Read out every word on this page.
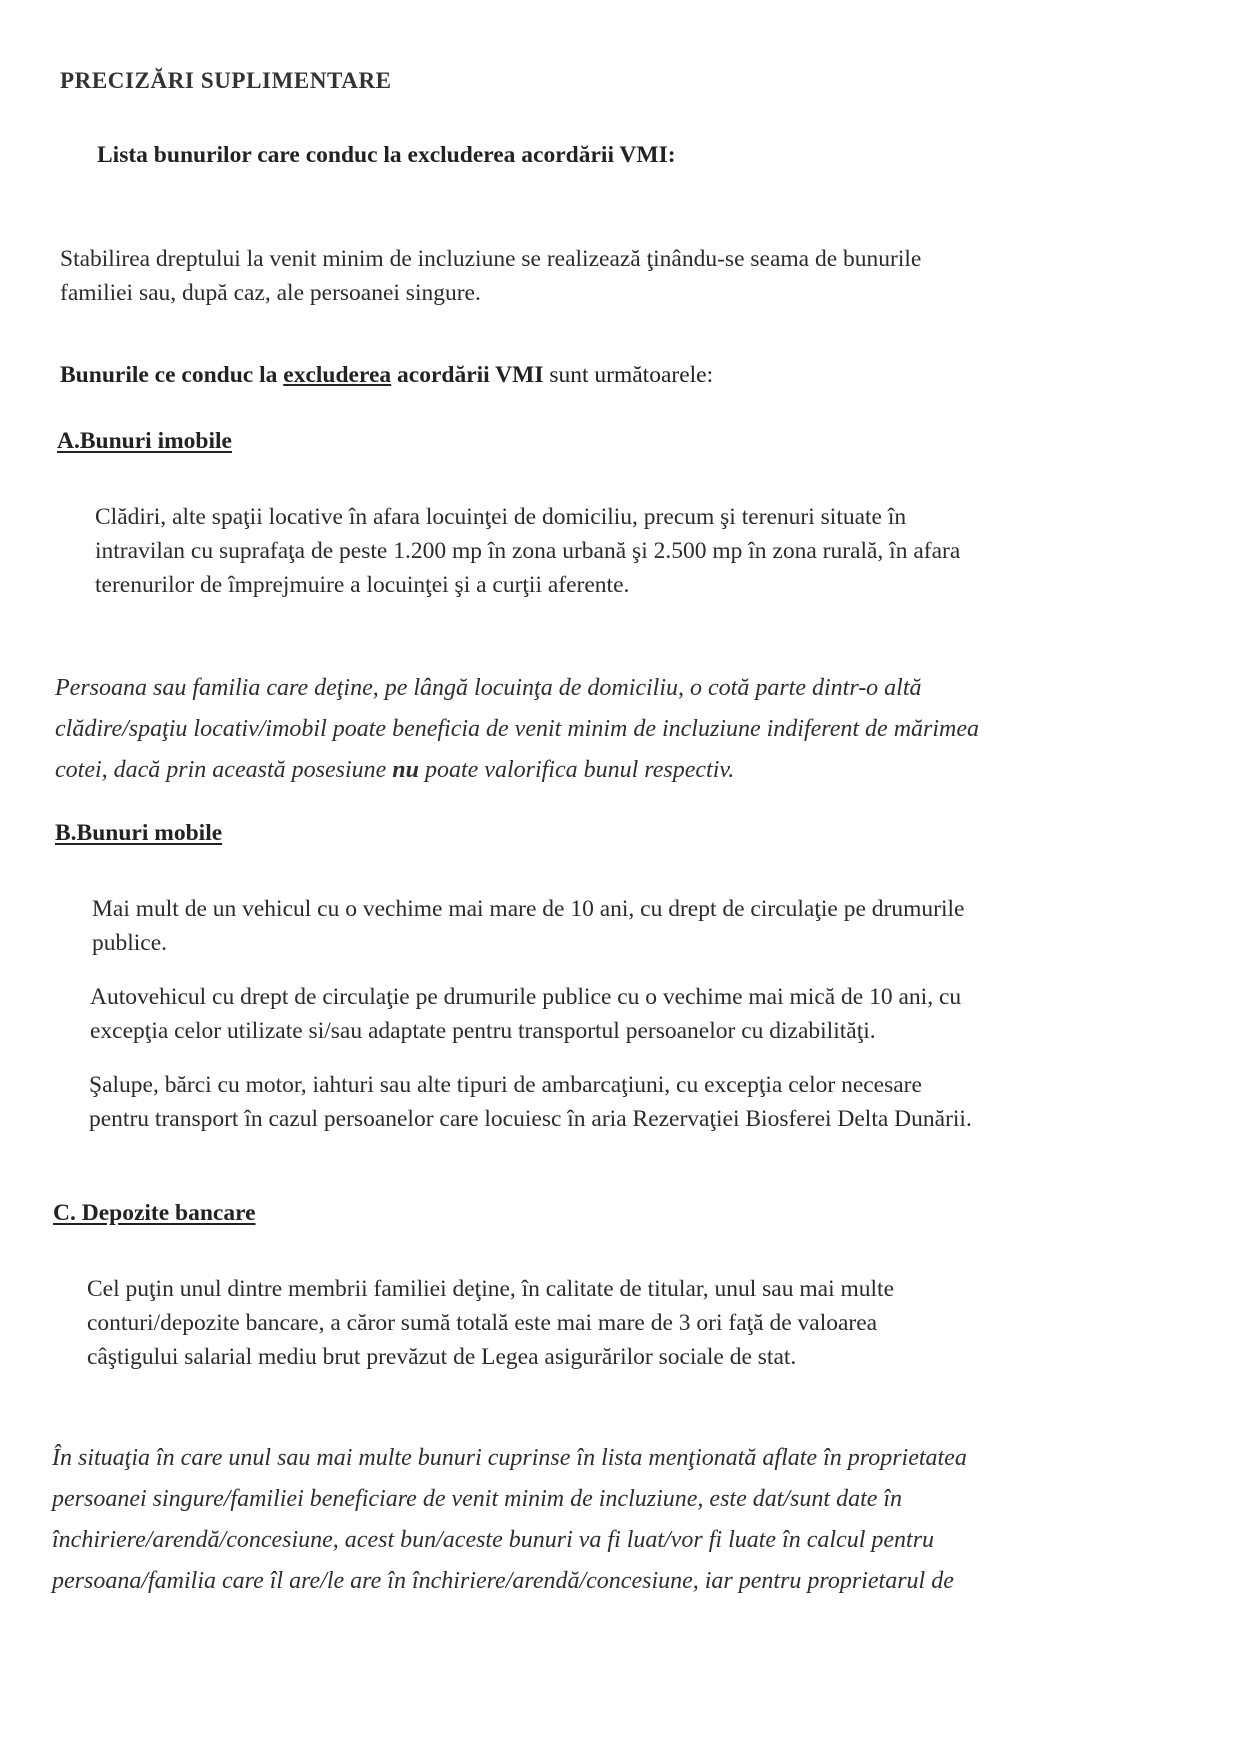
PRECIZĂRI SUPLIMENTARE
Lista bunurilor care conduc la excluderea acordării VMI:
Stabilirea dreptului la venit minim de incluziune se realizează ţinându-se seama de bunurile
familiei sau, după caz, ale persoanei singure.
Bunurile ce conduc la excluderea acordării VMI sunt următoarele:
A.Bunuri imobile
Clădiri, alte spaţii locative în afara locuinţei de domiciliu, precum şi terenuri situate în
intravilan cu suprafaţa de peste 1.200 mp în zona urbană şi 2.500 mp în zona rurală, în afara
terenurilor de împrejmuire a locuinţei şi a curţii aferente.
Persoana sau familia care deţine, pe lângă locuinţa de domiciliu, o cotă parte dintr-o altă
clădire/spaţiu locativ/imobil poate beneficia de venit minim de incluziune indiferent de mărimea
cotei, dacă prin această posesiune nu poate valorifica bunul respectiv.
B.Bunuri mobile
Mai mult de un vehicul cu o vechime mai mare de 10 ani, cu drept de circulaţie pe drumurile
publice.
Autovehicul cu drept de circulaţie pe drumurile publice cu o vechime mai mică de 10 ani, cu
excepţia celor utilizate si/sau adaptate pentru transportul persoanelor cu dizabilităţi.
Şalupe, bărci cu motor, iahturi sau alte tipuri de ambarcaţiuni, cu excepţia celor necesare
pentru transport în cazul persoanelor care locuiesc în aria Rezervaţiei Biosferei Delta Dunării.
C. Depozite bancare
Cel puţin unul dintre membrii familiei deţine, în calitate de titular, unul sau mai multe
conturi/depozite bancare, a căror sumă totală este mai mare de 3 ori faţă de valoarea
câştigului salarial mediu brut prevăzut de Legea asigurărilor sociale de stat.
În situaţia în care unul sau mai multe bunuri cuprinse în lista menţionată aflate în proprietatea
persoanei singure/familiei beneficiare de venit minim de incluziune, este dat/sunt date în
închiriere/arendă/concesiune, acest bun/aceste bunuri va fi luat/vor fi luate în calcul pentru
persoana/familia care îl are/le are în închiriere/arendă/concesiune, iar pentru proprietarul de
